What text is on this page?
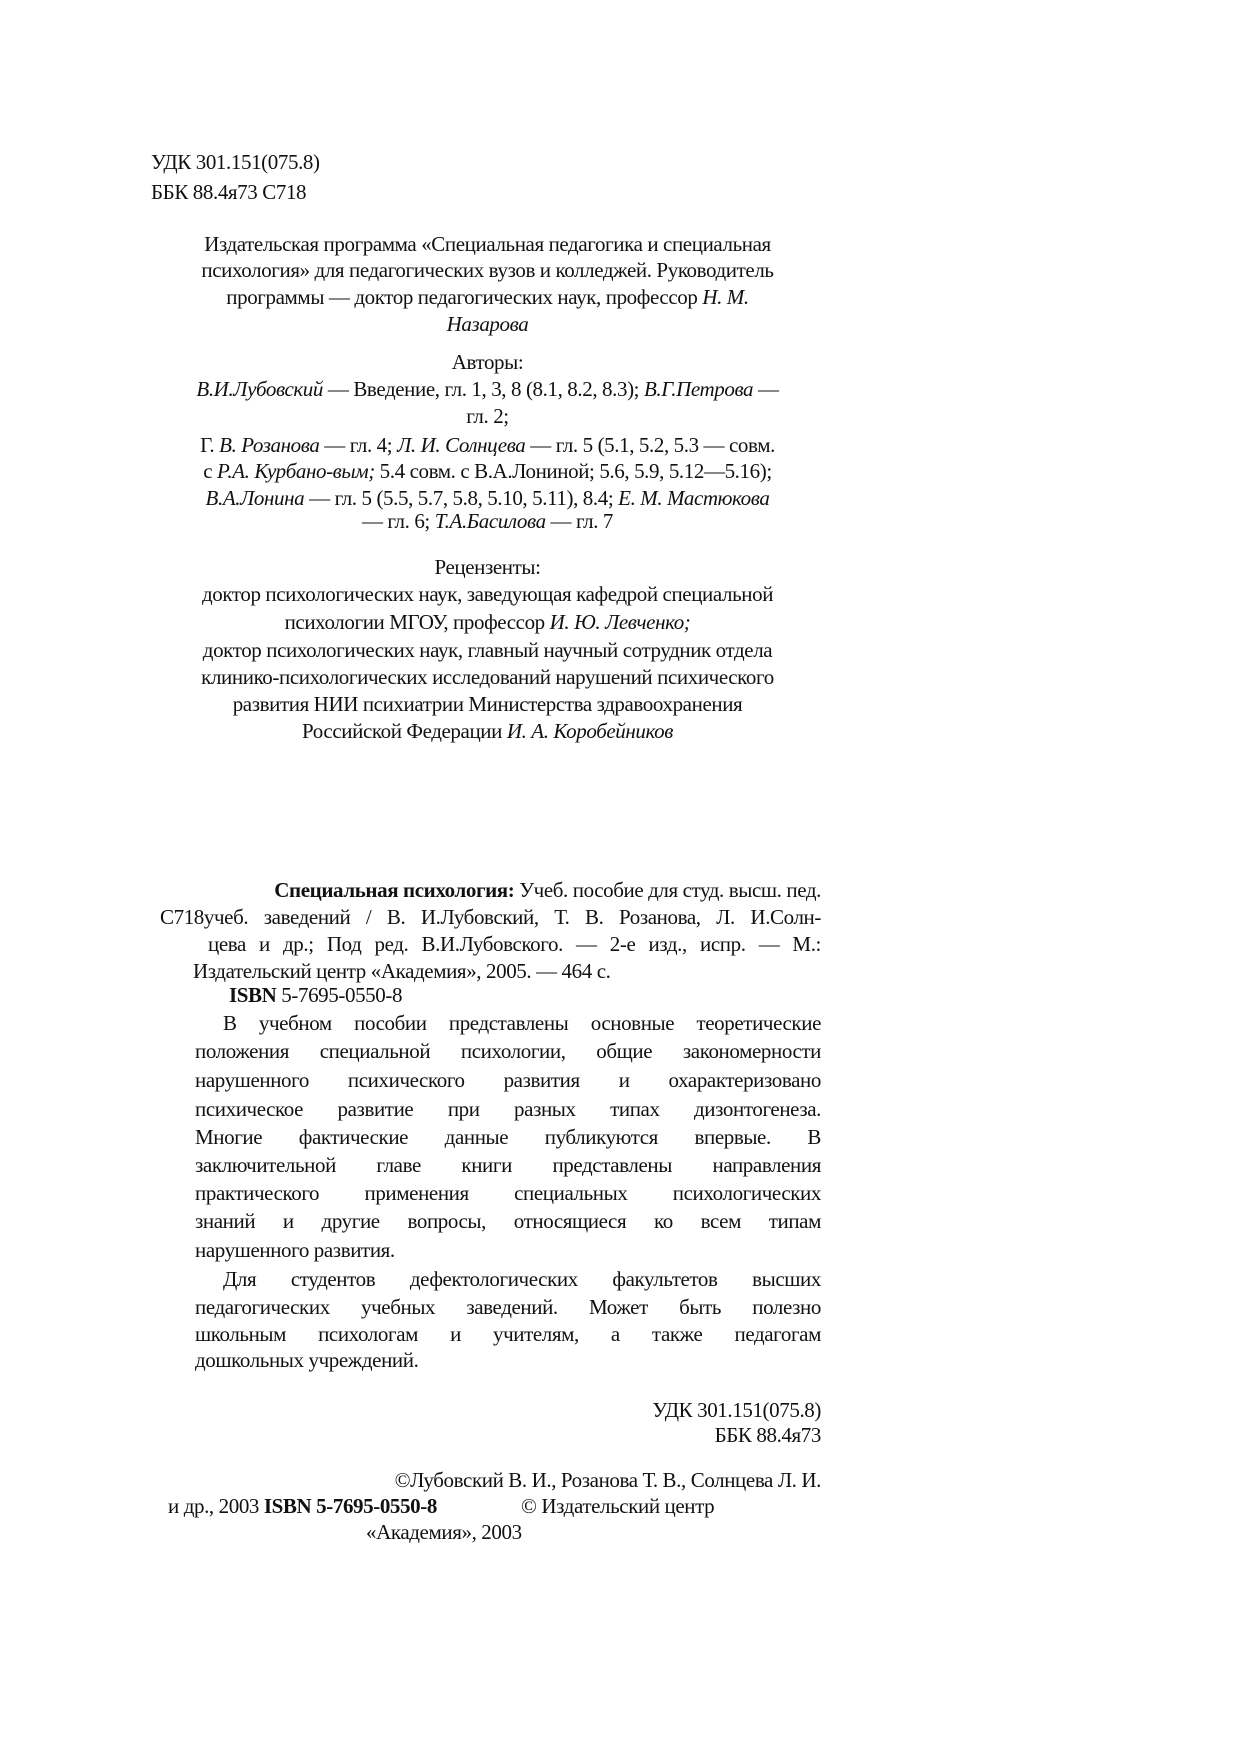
УДК 301.151(075.8)
ББК 88.4я73 С718
Издательская программа «Специальная педагогика и специальная
психология» для педагогических вузов и колледжей. Руководитель
программы — доктор педагогических наук, профессор Н. М.
Назарова
Авторы:
В.И.Лубовский — Введение, гл. 1, 3, 8 (8.1, 8.2, 8.3); В.Г.Петрова —
гл. 2;
Г. В. Розанова — гл. 4; Л. И. Солнцева — гл. 5 (5.1, 5.2, 5.3 — совм.
с Р.А. Курбано-вым; 5.4 совм. с В.А.Лониной; 5.6, 5.9, 5.12—5.16);
В.А.Лонина — гл. 5 (5.5, 5.7, 5.8, 5.10, 5.11), 8.4; Е. М. Мастюкова
— гл. 6; Т.А.Басилова — гл. 7
Рецензенты:
доктор психологических наук, заведующая кафедрой специальной
психологии МГОУ, профессор И. Ю. Левченко;
доктор психологических наук, главный научный сотрудник отдела
клинико-психологических исследований нарушений психического
развития НИИ психиатрии Министерства здравоохранения
Российской Федерации И. А. Коробейников
Специальная психология: Учеб. пособие для студ. высш. пед.
С718учеб. заведений / В. И.Лубовский, Т. В. Розанова, Л. И.Солн-
цева и др.; Под ред. В.И.Лубовского. — 2-е изд., испр. — М.:
Издательский центр «Академия», 2005. — 464 с.
ISBN 5-7695-0550-8
В учебном пособии представлены основные теоретические
положения специальной психологии, общие закономерности
нарушенного психического развития и охарактеризовано
психическое развитие при разных типах дизонтогенеза.
Многие фактические данные публикуются впервые. В
заключительной главе книги представлены направления
практического применения специальных психологических
знаний и другие вопросы, относящиеся ко всем типам
нарушенного развития.
Для студентов дефектологических факультетов высших
педагогических учебных заведений. Может быть полезно
школьным психологам и учителям, а также педагогам
дошкольных учреждений.
УДК 301.151(075.8)
ББК 88.4я73
©Лубовский В. И., Розанова Т. В., Солнцева Л. И.
и др., 2003 ISBN 5-7695-0550-8	© Издательский центр
«Академия», 2003
